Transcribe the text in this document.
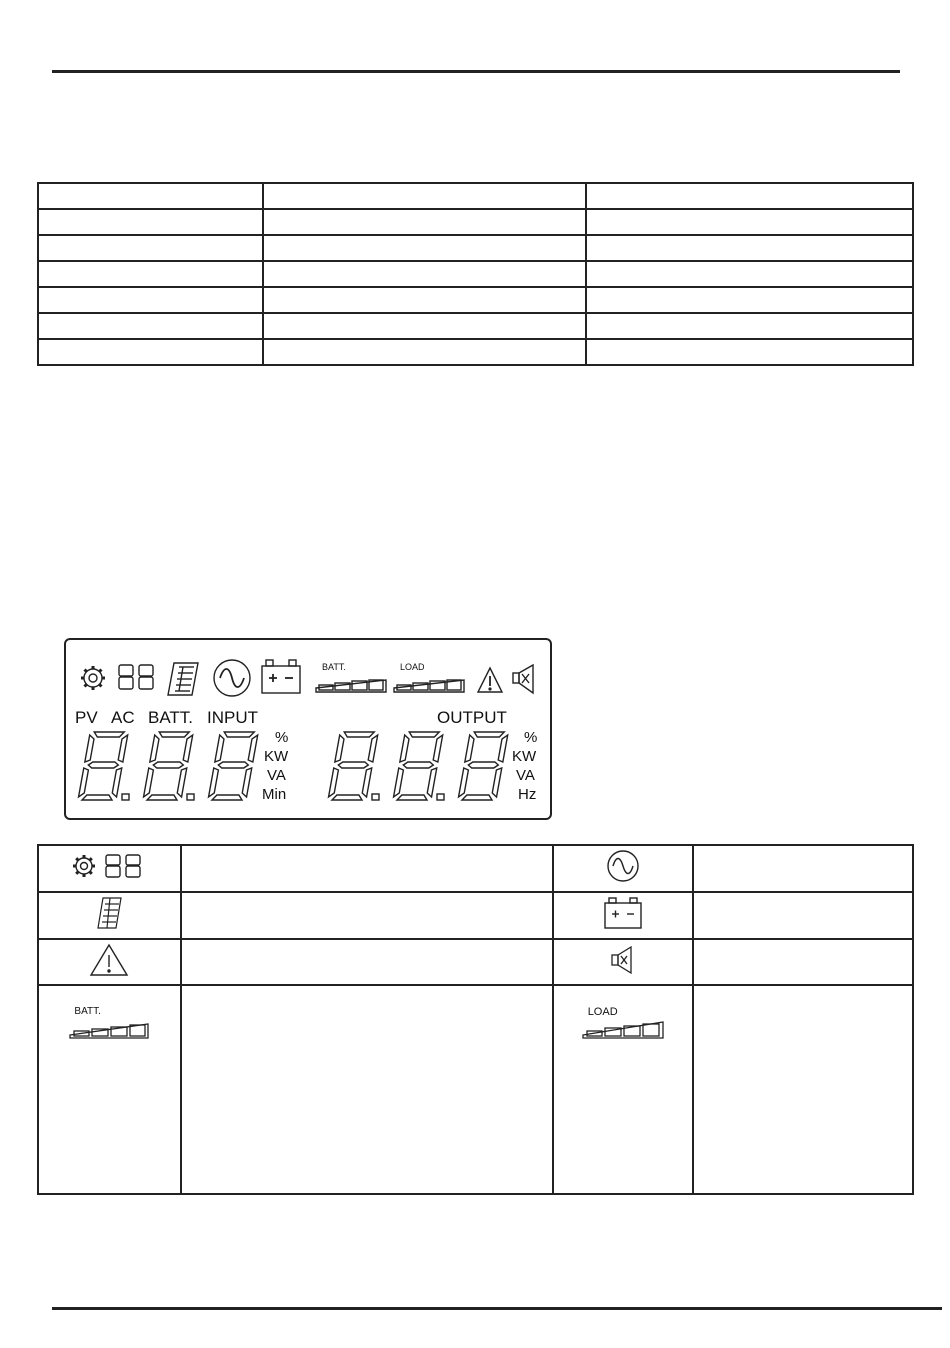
PV AC BATT. INPUT	OUTPUT
%
KW
VA
Min
%
KW
VA
Hz
BATT.	LOAD

BATT.		LOAD	
